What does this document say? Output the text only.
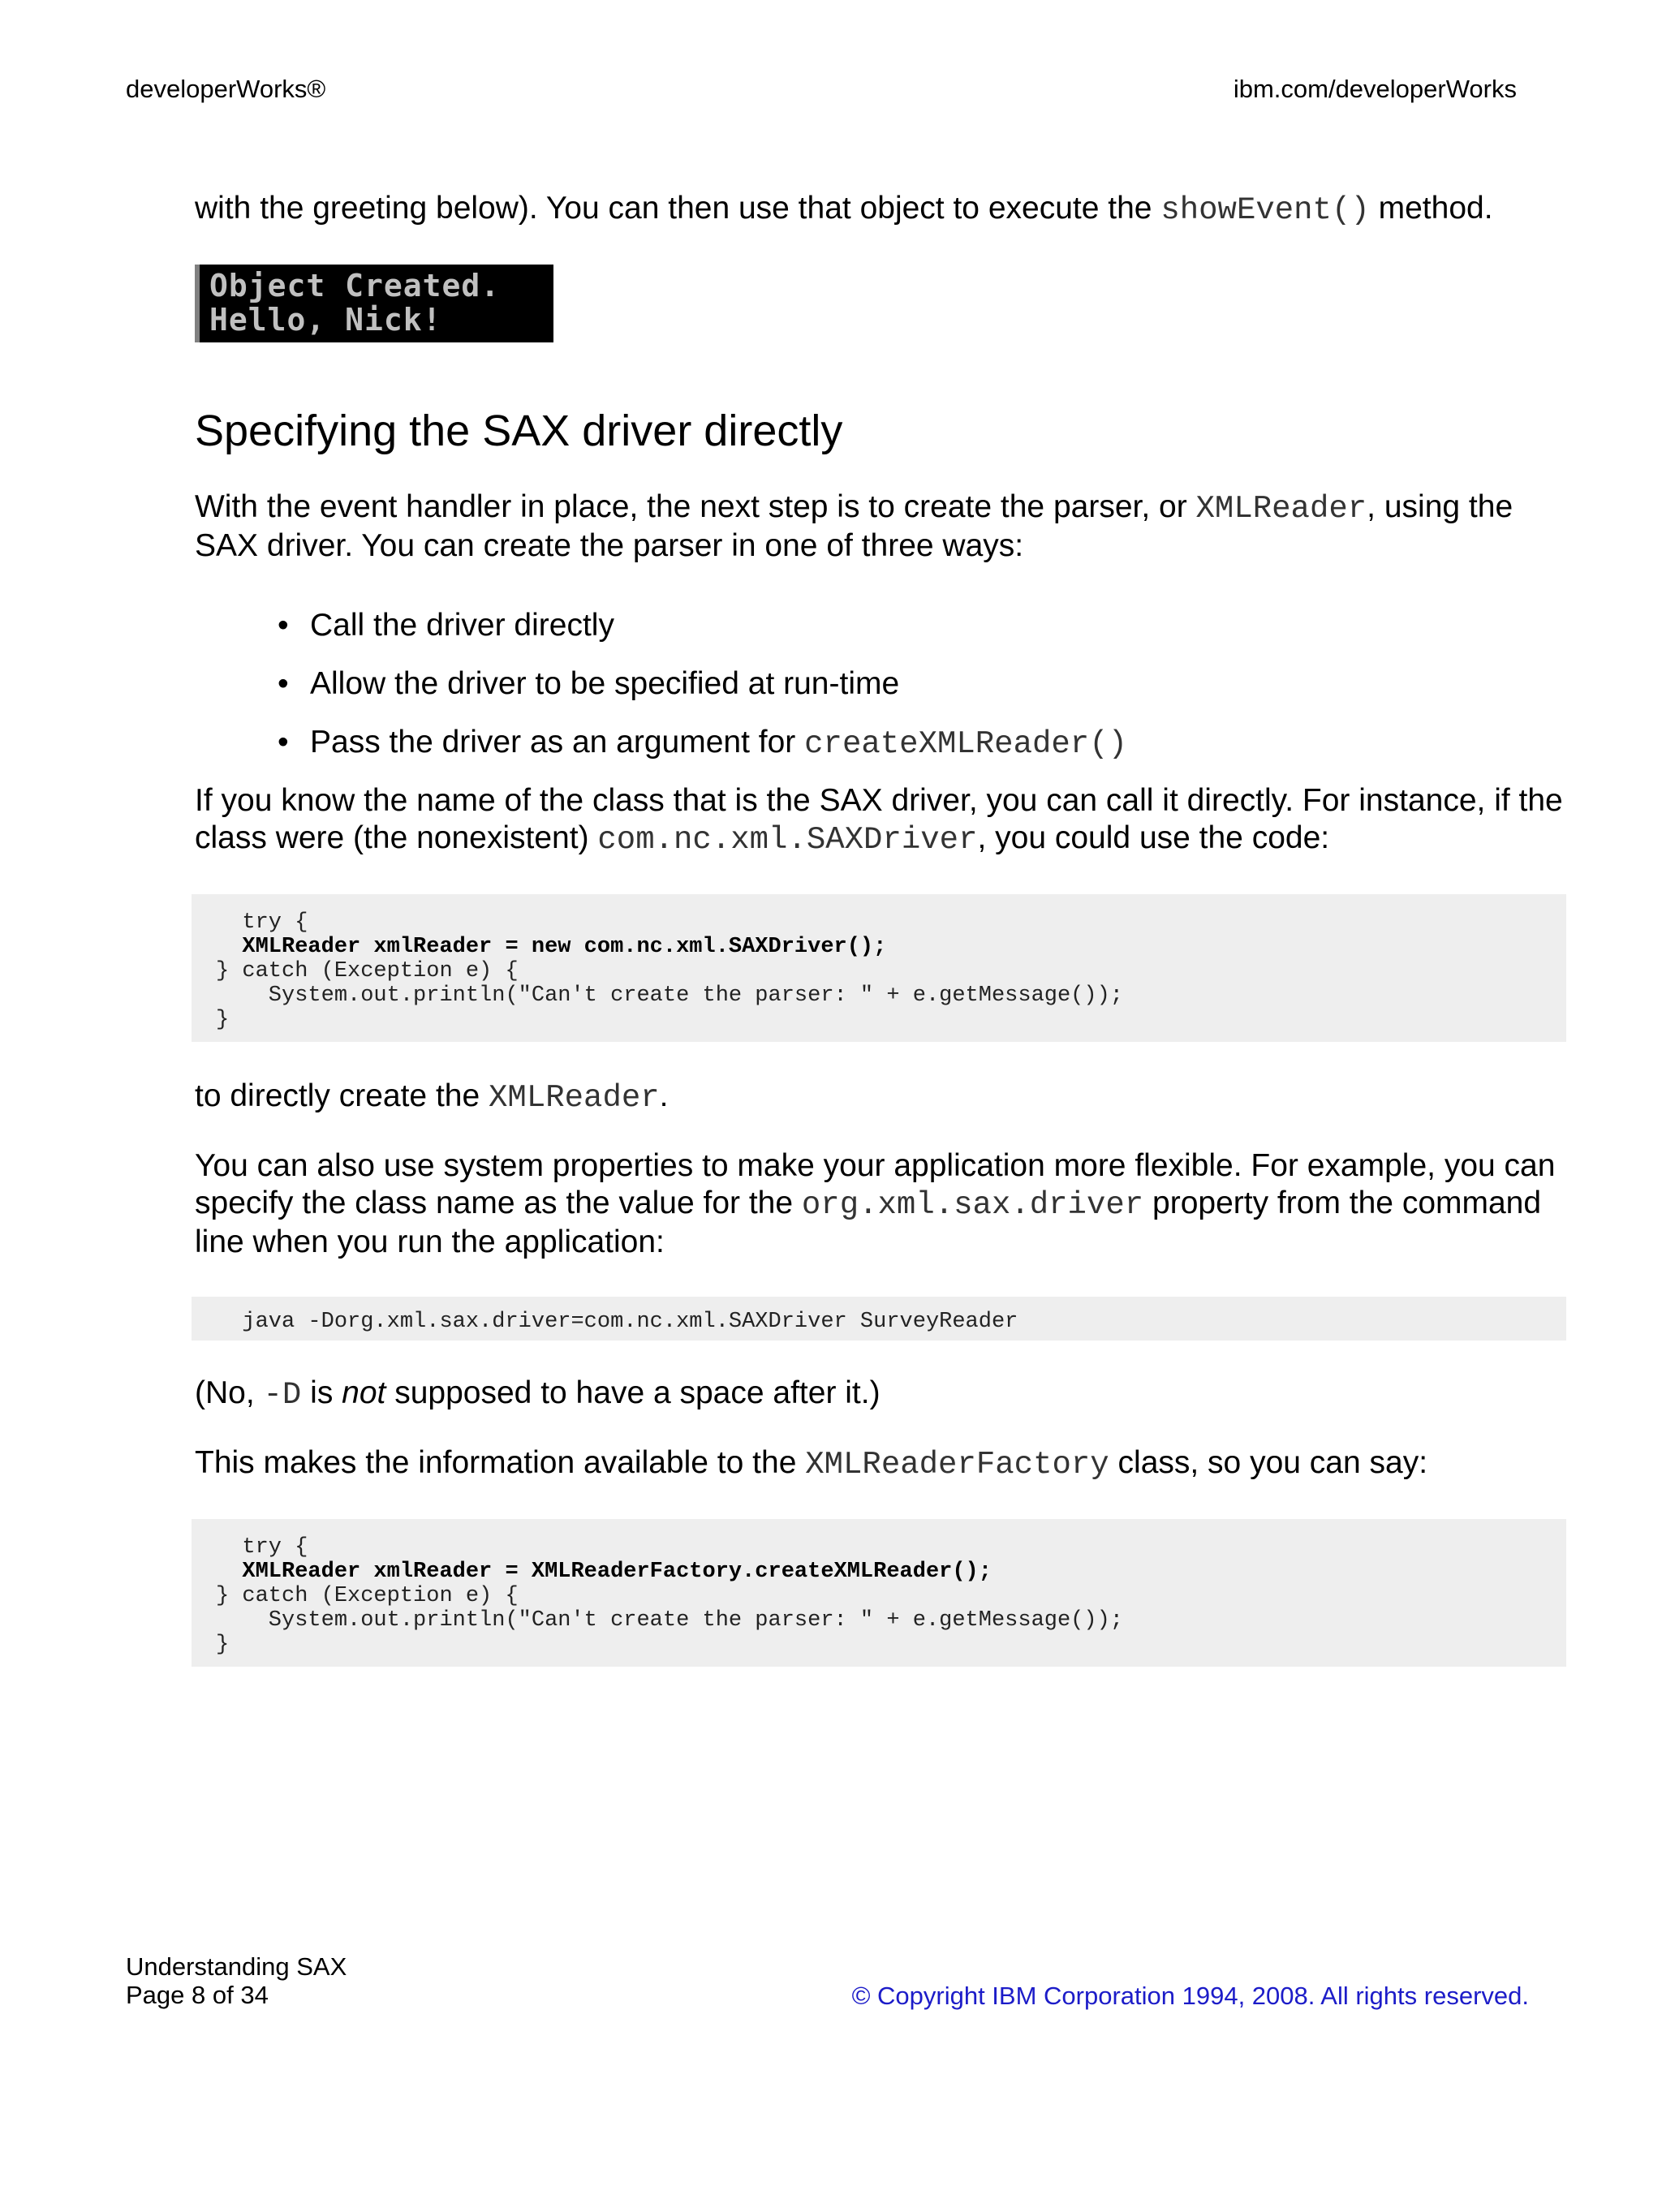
developerWorks®	ibm.com/developerWorks

with the greeting below). You can then use that object to execute the showEvent() method.

Object Created.
Hello, Nick!
Specifying the SAX driver directly

With the event handler in place, the next step is to create the parser, or XMLReader, using the SAX driver. You can create the parser in one of three ways:

• Call the driver directly
• Allow the driver to be specified at run-time
• Pass the driver as an argument for createXMLReader()

If you know the name of the class that is the SAX driver, you can call it directly. For instance, if the class were (the nonexistent) com.nc.xml.SAXDriver, you could use the code:

try {
XMLReader xmlReader = new com.nc.xml.SAXDriver();
} catch (Exception e) {
System.out.println("Can't create the parser: " + e.getMessage());
}

to directly create the XMLReader.

You can also use system properties to make your application more flexible. For example, you can specify the class name as the value for the org.xml.sax.driver property from the command line when you run the application:

java -Dorg.xml.sax.driver=com.nc.xml.SAXDriver SurveyReader

(No, -D is not supposed to have a space after it.)

This makes the information available to the XMLReaderFactory class, so you can say:

try {
XMLReader xmlReader = XMLReaderFactory.createXMLReader();
} catch (Exception e) {
System.out.println("Can't create the parser: " + e.getMessage());
}
Understanding SAX
Page 8 of 34	© Copyright IBM Corporation 1994, 2008. All rights reserved.
